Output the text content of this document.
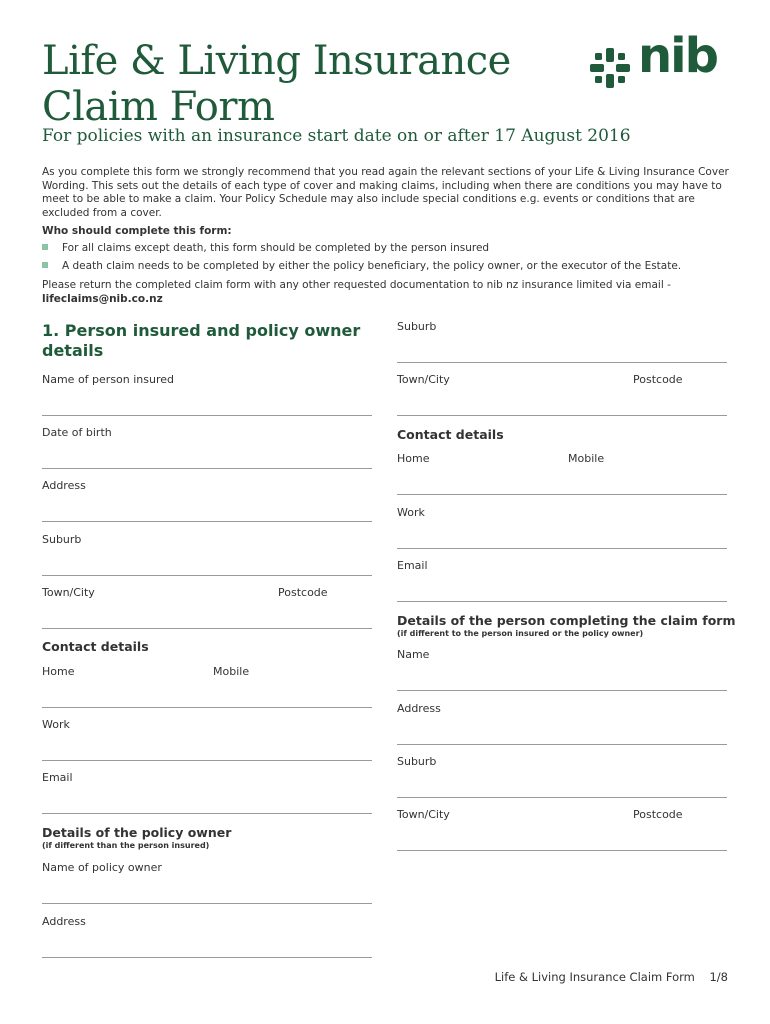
Life & Living Insurance Claim Form
For policies with an insurance start date on or after 17 August 2016
nib
As you complete this form we strongly recommend that you read again the relevant sections of your Life & Living Insurance Cover Wording. This sets out the details of each type of cover and making claims, including when there are conditions you may have to meet to be able to make a claim. Your Policy Schedule may also include special conditions e.g. events or conditions that are excluded from a cover.
Who should complete this form:
For all claims except death, this form should be completed by the person insured
A death claim needs to be completed by either the policy beneficiary, the policy owner, or the executor of the Estate.
Please return the completed claim form with any other requested documentation to nib nz insurance limited via email -
lifeclaims@nib.co.nz
1. Person insured and policy owner details
Name of person insured
Date of birth
Address
Suburb
Town/City	Postcode
Contact details
Home	Mobile
Work
Email
Details of the policy owner
(if different than the person insured)
Name of policy owner
Address
Suburb
Town/City	Postcode
Contact details
Home	Mobile
Work
Email
Details of the person completing the claim form
(if different to the person insured or the policy owner)
Name
Address
Suburb
Town/City	Postcode
Life & Living Insurance Claim Form 1/8
